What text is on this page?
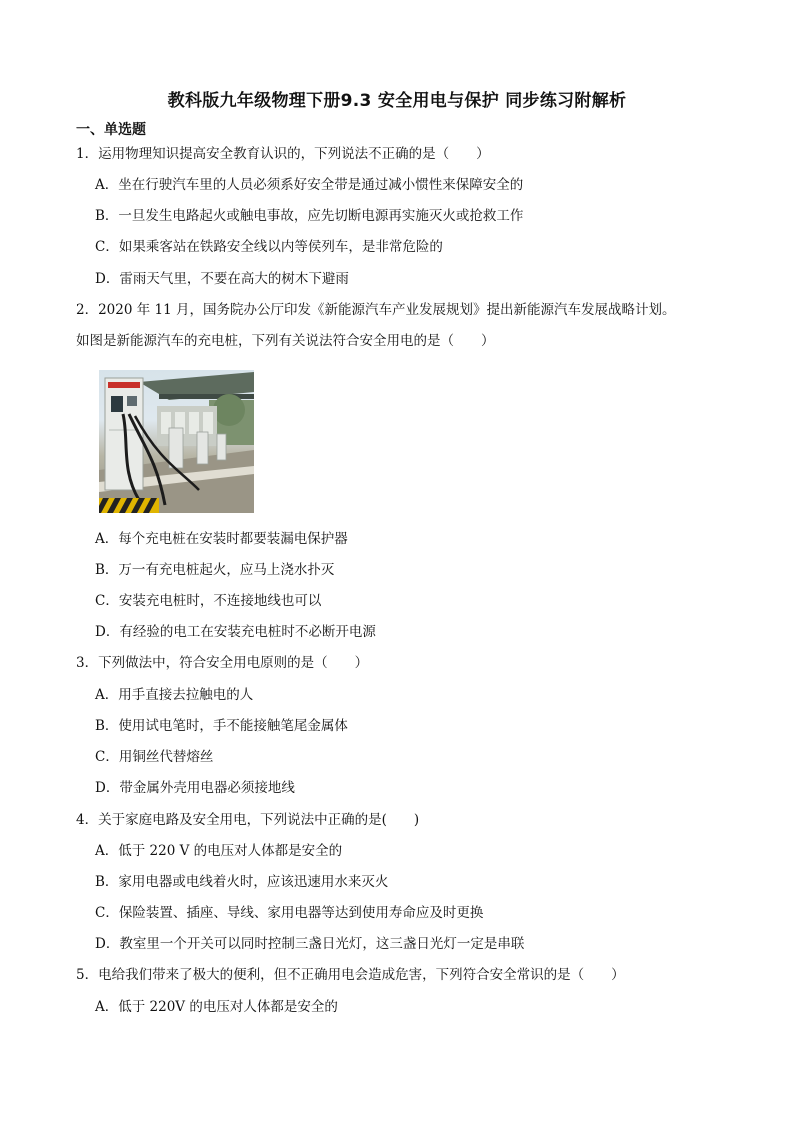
教科版九年级物理下册9.3 安全用电与保护 同步练习附解析
一、单选题
1．运用物理知识提高安全教育认识的，下列说法不正确的是（　　）
A．坐在行驶汽车里的人员必须系好安全带是通过减小惯性来保障安全的
B．一旦发生电路起火或触电事故，应先切断电源再实施灭火或抢救工作
C．如果乘客站在铁路安全线以内等侯列车，是非常危险的
D．雷雨天气里，不要在高大的树木下避雨
2．2020 年 11 月，国务院办公厅印发《新能源汽车产业发展规划》提出新能源汽车发展战略计划。
如图是新能源汽车的充电桩，下列有关说法符合安全用电的是（　　）
A．每个充电桩在安装时都要装漏电保护器
B．万一有充电桩起火，应马上浇水扑灭
C．安装充电桩时，不连接地线也可以
D．有经验的电工在安装充电桩时不必断开电源
3．下列做法中，符合安全用电原则的是（　　）
A．用手直接去拉触电的人
B．使用试电笔时，手不能接触笔尾金属体
C．用铜丝代替熔丝
D．带金属外壳用电器必须接地线
4．关于家庭电路及安全用电，下列说法中正确的是(　　)
A．低于 220 V 的电压对人体都是安全的
B．家用电器或电线着火时，应该迅速用水来灭火
C．保险装置、插座、导线、家用电器等达到使用寿命应及时更换
D．教室里一个开关可以同时控制三盏日光灯，这三盏日光灯一定是串联
5．电给我们带来了极大的便利，但不正确用电会造成危害，下列符合安全常识的是（　　）
A．低于 220V 的电压对人体都是安全的
